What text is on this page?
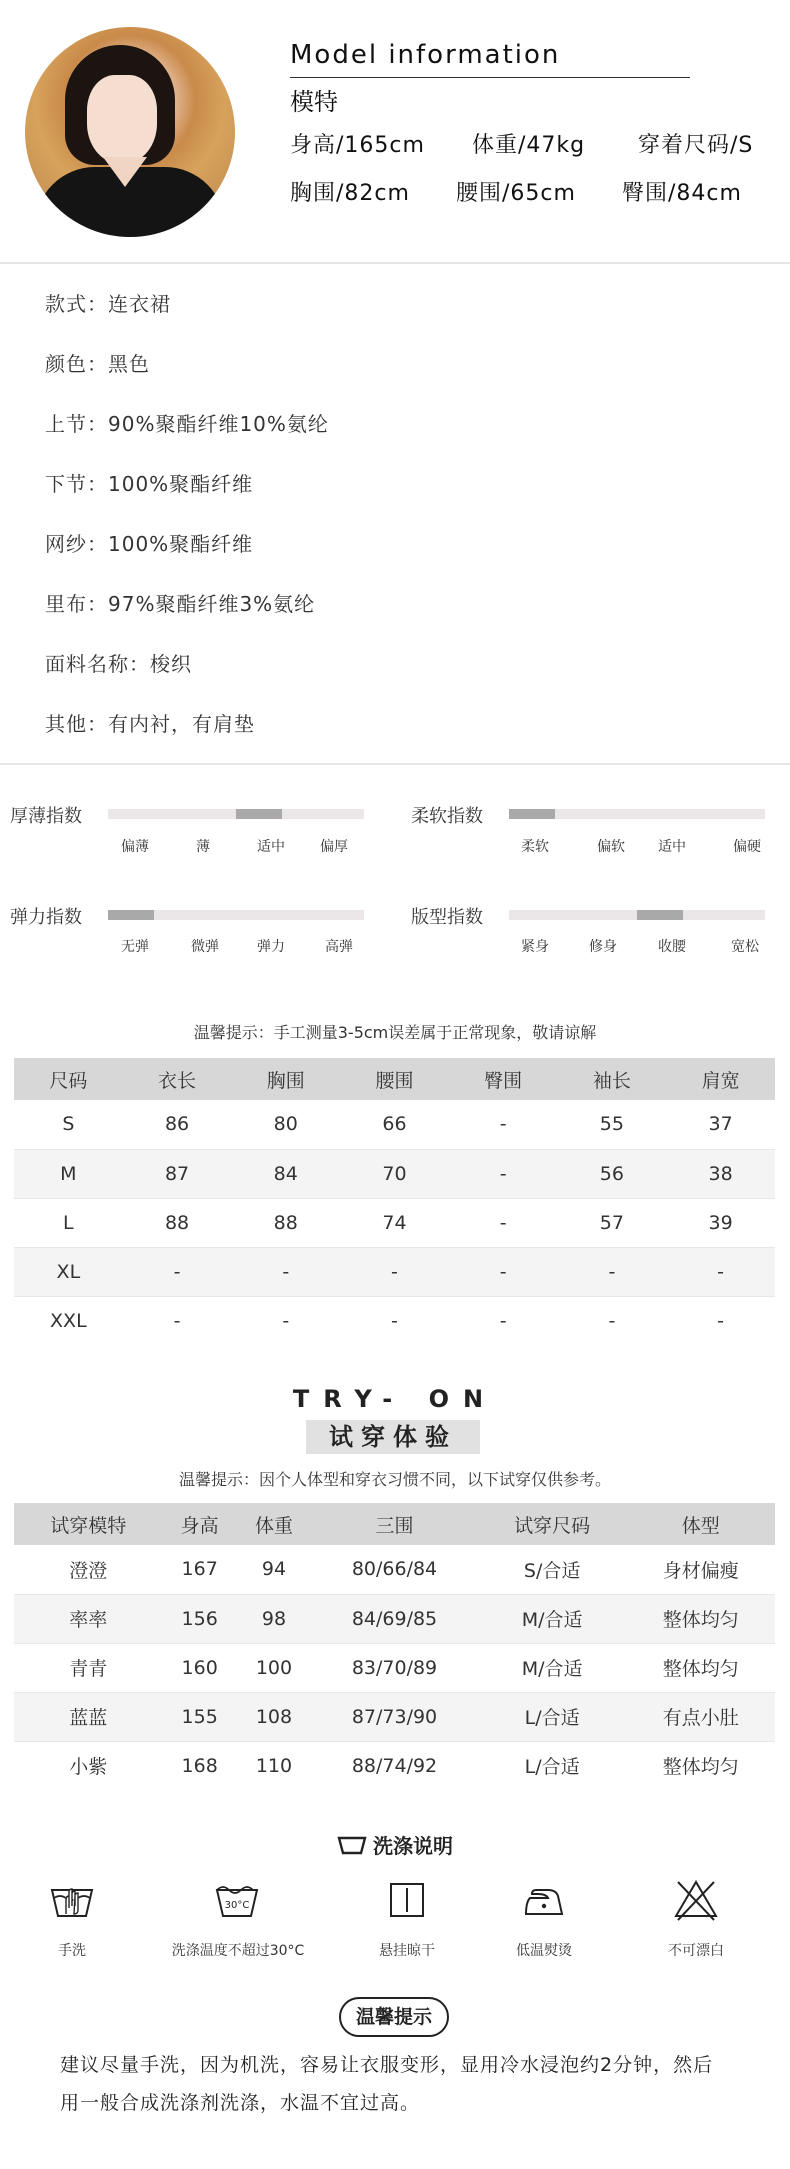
Model information
模特
身高/165cm 体重/47kg 穿着尺码/S
胸围/82cm 腰围/65cm 臀围/84cm
款式：连衣裙
颜色：黑色
上节：90%聚酯纤维10%氨纶
下节：100%聚酯纤维
网纱：100%聚酯纤维
里布：97%聚酯纤维3%氨纶
面料名称：梭织
其他：有内衬，有肩垫
厚薄指数
偏薄	薄	适中	偏厚
柔软指数
柔软	偏软 适中	偏硬
弹力指数
无弹	微弹	弹力	高弹
版型指数
紧身	修身	收腰	宽松
温馨提示：手工测量3-5cm误差属于正常现象，敬请谅解
尺码	衣长	胸围	腰围	臀围	袖长	肩宽
S	86	80	66	-	55	37
M	87	84	70	-	56	38
L	88	88	74	-	57	39
XL	-	-	-	-	-	-
XXL	-	-	-	-	-	-
TRY- ON
试穿体验
温馨提示：因个人体型和穿衣习惯不同，以下试穿仅供参考。
试穿模特	身高	体重	三围	试穿尺码	体型
澄澄	167	94	80/66/84	S/合适	身材偏瘦
率率	156	98	84/69/85	M/合适	整体均匀
青青	160	100	83/70/89	M/合适	整体均匀
蓝蓝	155	108	87/73/90	L/合适	有点小肚
小紫	168	110	88/74/92	L/合适	整体均匀
洗涤说明
手洗
30°C
洗涤温度不超过30°C	悬挂晾干	低温熨烫	不可漂白
温馨提示
建议尽量手洗，因为机洗，容易让衣服变形，显用冷水浸泡约2分钟，然后
用一般合成洗涤剂洗涤，水温不宜过高。
